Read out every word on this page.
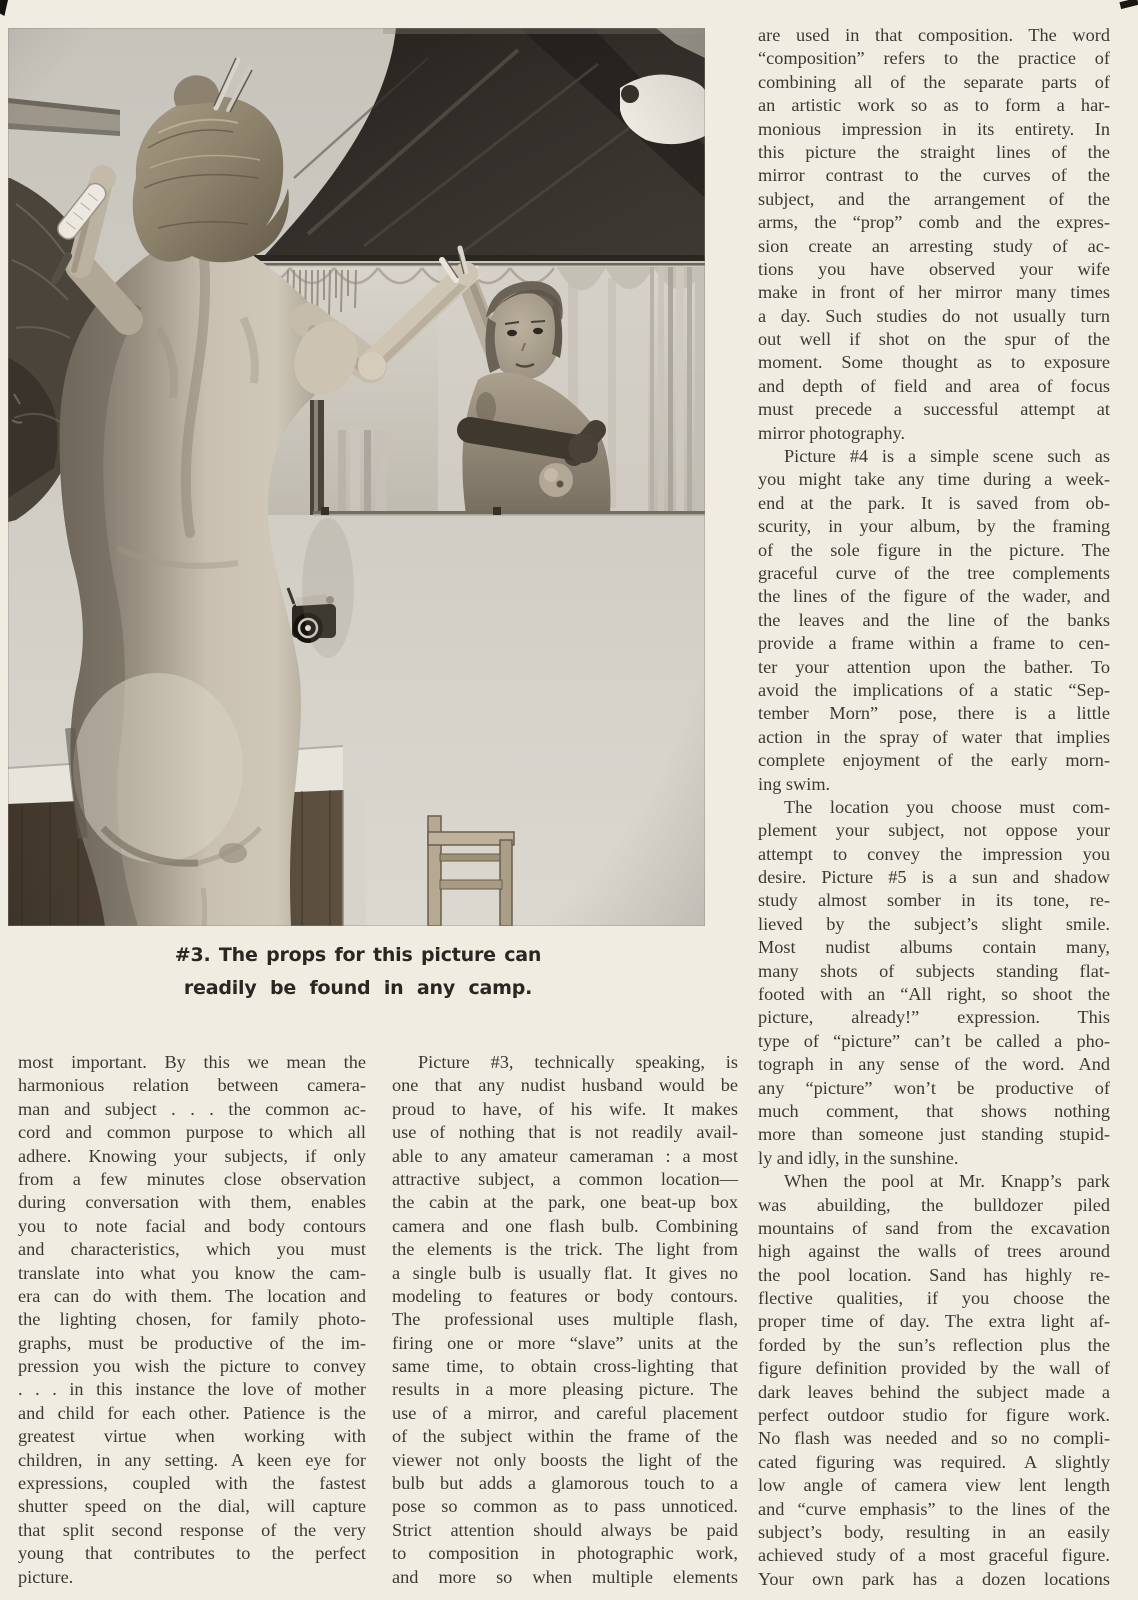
#3. The props for this picture can
readily be found in any camp.
most important. By this we mean the
harmonious relation between camera-
man and subject . . . the common ac-
cord and common purpose to which all
adhere. Knowing your subjects, if only
from a few minutes close observation
during conversation with them, enables
you to note facial and body contours
and characteristics, which you must
translate into what you know the cam-
era can do with them. The location and
the lighting chosen, for family photo-
graphs, must be productive of the im-
pression you wish the picture to convey
. . . in this instance the love of mother
and child for each other. Patience is the
greatest virtue when working with
children, in any setting. A keen eye for
expressions, coupled with the fastest
shutter speed on the dial, will capture
that split second response of the very
young that contributes to the perfect
picture.
Picture #3, technically speaking, is
one that any nudist husband would be
proud to have, of his wife. It makes
use of nothing that is not readily avail-
able to any amateur cameraman : a most
attractive subject, a common location—
the cabin at the park, one beat-up box
camera and one flash bulb. Combining
the elements is the trick. The light from
a single bulb is usually flat. It gives no
modeling to features or body contours.
The professional uses multiple flash,
firing one or more “slave” units at the
same time, to obtain cross-lighting that
results in a more pleasing picture. The
use of a mirror, and careful placement
of the subject within the frame of the
viewer not only boosts the light of the
bulb but adds a glamorous touch to a
pose so common as to pass unnoticed.
Strict attention should always be paid
to composition in photographic work,
and more so when multiple elements
are used in that composition. The word
“composition” refers to the practice of
combining all of the separate parts of
an artistic work so as to form a har-
monious impression in its entirety. In
this picture the straight lines of the
mirror contrast to the curves of the
subject, and the arrangement of the
arms, the “prop” comb and the expres-
sion create an arresting study of ac-
tions you have observed your wife
make in front of her mirror many times
a day. Such studies do not usually turn
out well if shot on the spur of the
moment. Some thought as to exposure
and depth of field and area of focus
must precede a successful attempt at
mirror photography.
Picture #4 is a simple scene such as
you might take any time during a week-
end at the park. It is saved from ob-
scurity, in your album, by the framing
of the sole figure in the picture. The
graceful curve of the tree complements
the lines of the figure of the wader, and
the leaves and the line of the banks
provide a frame within a frame to cen-
ter your attention upon the bather. To
avoid the implications of a static “Sep-
tember Morn” pose, there is a little
action in the spray of water that implies
complete enjoyment of the early morn-
ing swim.
The location you choose must com-
plement your subject, not oppose your
attempt to convey the impression you
desire. Picture #5 is a sun and shadow
study almost somber in its tone, re-
lieved by the subject’s slight smile.
Most nudist albums contain many,
many shots of subjects standing flat-
footed with an “All right, so shoot the
picture, already!” expression. This
type of “picture” can’t be called a pho-
tograph in any sense of the word. And
any “picture” won’t be productive of
much comment, that shows nothing
more than someone just standing stupid-
ly and idly, in the sunshine.
When the pool at Mr. Knapp’s park
was abuilding, the bulldozer piled
mountains of sand from the excavation
high against the walls of trees around
the pool location. Sand has highly re-
flective qualities, if you choose the
proper time of day. The extra light af-
forded by the sun’s reflection plus the
figure definition provided by the wall of
dark leaves behind the subject made a
perfect outdoor studio for figure work.
No flash was needed and so no compli-
cated figuring was required. A slightly
low angle of camera view lent length
and “curve emphasis” to the lines of the
subject’s body, resulting in an easily
achieved study of a most graceful figure.
Your own park has a dozen locations
